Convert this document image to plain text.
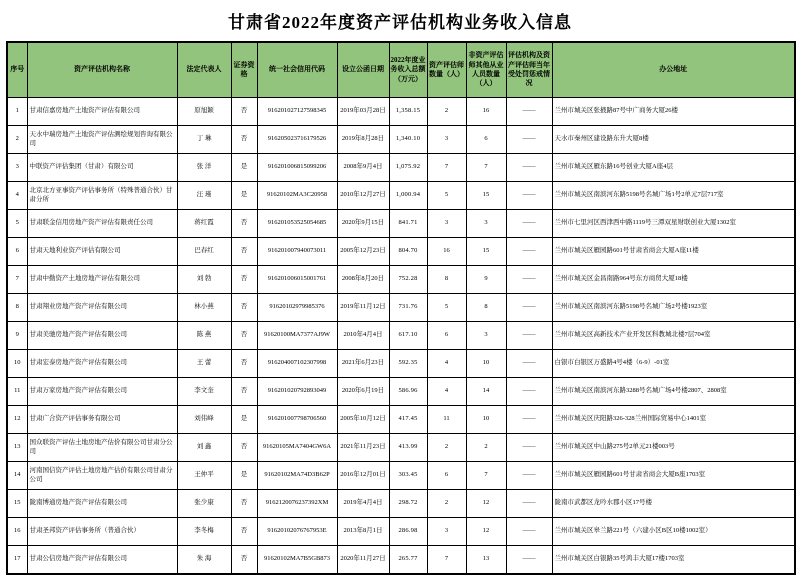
甘肃省2022年度资产评估机构业务收入信息
序号	资产评估机构名称	法定代表人	证券资格	统一社会信用代码	设立公函日期	2022年度业务收入总额（万元）	资产评估师数量（人）	非资产评估师其他从业人员数量（人）	评估机构及资产评估师当年受处罚惩戒情况	办公地址
1	甘肃信嘉房地产土地资产评估有限公司	原旭颖	否	916201027127598345	2019年03月28日	1,358.15	2	16	——	兰州市城关区张掖路87号中广商务大厦26楼
2	天水中瑞房地产土地资产评估测绘规划咨询有限公司	丁 琳	否	916205023716179526	2019年8月28日	1,340.10	3	6	——	天水市秦州区建设路东升大厦8楼
3	中联资产评估集团（甘肃）有限公司	张 洋	是	916201006815099206	2008年9月4日	1,075.92	7	7	——	兰州市城关区雁东路16号创业大厦A座4层
4	北京北方亚事资产评估事务所（特殊普通合伙）甘肃分所	汪 瑾	是	91620102MA3C20958	2010年12月27日	1,000.94	5	15	——	兰州市城关区南滨河东路5198号名城广场1号2单元7层717室
5	甘肃联金信用房地产资产评估有限责任公司	蒋红霞	否	916201053525054685	2020年9月15日	841.71	3	3	——	兰州市七里河区西津西中路1119号三潭双星财联创业大厦1302室
6	甘肃天地利业资产评估有限公司	巴春红	否	916201007940073011	2005年12月23日	804.70	16	15	——	兰州市城关区雁园路601号甘肃省商会大厦A座11楼
7	甘肃中勤资产土地房地产评估有限公司	刘 勃	否	916201006015001761	2008年8月20日	752.28	8	9	——	兰州市城关区金昌南路964号东方商贸大厦18楼
8	甘肃翔业房地产资产评估有限公司	林小燕	否	91620102979985376	2019年11月12日	731.76	5	8	——	兰州市城关区南滨河东路5198号名城广场2号楼1923室
9	甘肃美驰房地产资产评估有限公司	陈 燕	否	91620100MA7377AJ9W	2010年4月4日	617.10	6	3	——	兰州市城关区高新技术产业开发区科教城北楼7层704室
10	甘肃宏泰房地产资产评估有限公司	王 蕾	否	916204007102307998	2021年6月23日	592.35	4	10	——	白银市白银区万盛路4号4楼（6-9）-01室
11	甘肃万家房地产资产评估有限公司	李文奎	否	916201020792893049	2020年6月19日	586.96	4	14	——	兰州市城关区南滨河东路3288号名城广场4号楼2807、2808室
12	甘肃广合资产评估事务有限公司	刘伟峰	是	916201007798706560	2005年10月12日	417.45	11	10	——	兰州市城关区庆阳路326-328兰州国际贸易中心1401室
13	国众联资产评估土地房地产估价有限公司甘肃分公司	刘 鑫	否	91620105MA7404GW6A	2021年11月23日	413.99	2	2	——	兰州市城关区中山路275号2单元21楼003号
14	河南国信资产评估土地房地产估价有限公司甘肃分公司	王仲平	是	91620102MA74D3B62P	2016年12月01日	303.45	6	7	——	兰州市城关区雁园路601号甘肃省商会大厦B座1703室
15	陇南博通房地产资产评估有限公司	张少康	否	9162120076237392XM	2019年4月4日	298.72	2	12	——	陇南市武都区龙吟水郡小区17号楼
16	甘肃圣邦资产评估事务所（普通合伙）	李冬梅	否	91620102076767953E	2013年8月1日	286.98	3	12	——	兰州市城关区皋兰路221号（六建小区B区10楼1002室）
17	甘肃公信房地产资产评估有限公司	朱 海	否	91620102MA7B5GB873	2020年11月27日	265.77	7	13	——	兰州市城关区白银路35号鸿丰大厦17楼1703室
